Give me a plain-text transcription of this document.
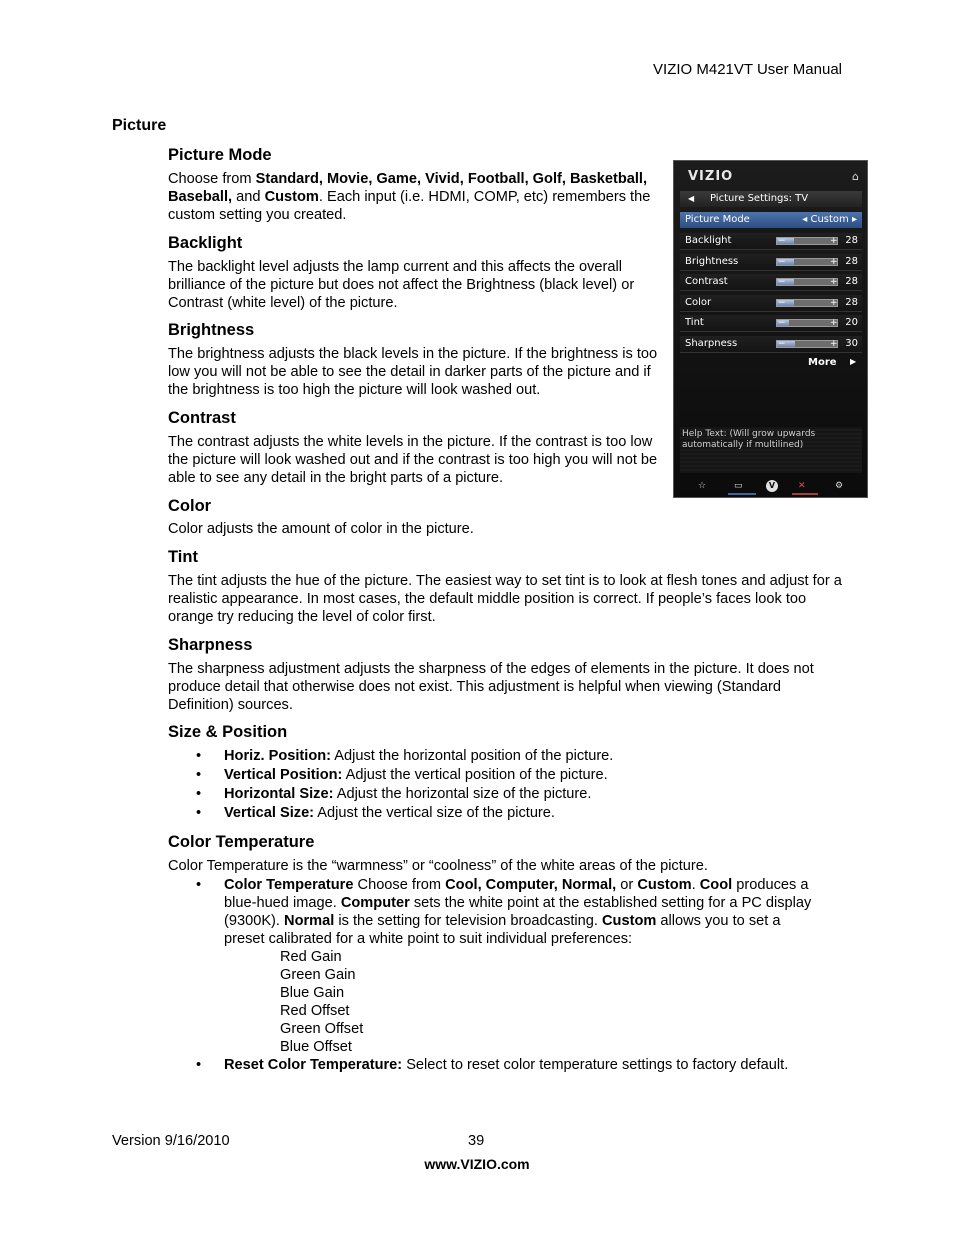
VIZIO M421VT User Manual
Picture
Picture Mode
Choose from Standard, Movie, Game, Vivid, Football, Golf, Basketball, Baseball, and Custom. Each input (i.e. HDMI, COMP, etc) remembers the custom setting you created.
Backlight
The backlight level adjusts the lamp current and this affects the overall brilliance of the picture but does not affect the Brightness (black level) or Contrast (white level) of the picture.
Brightness
The brightness adjusts the black levels in the picture. If the brightness is too low you will not be able to see the detail in darker parts of the picture and if the brightness is too high the picture will look washed out.
Contrast
The contrast adjusts the white levels in the picture. If the contrast is too low the picture will look washed out and if the contrast is too high you will not be able to see any detail in the bright parts of a picture.
Color
Color adjusts the amount of color in the picture.
Tint
The tint adjusts the hue of the picture. The easiest way to set tint is to look at flesh tones and adjust for a realistic appearance. In most cases, the default middle position is correct. If people’s faces look too orange try reducing the level of color first.
Sharpness
The sharpness adjustment adjusts the sharpness of the edges of elements in the picture. It does not produce detail that otherwise does not exist. This adjustment is helpful when viewing (Standard Definition) sources.
Size & Position
• Horiz. Position: Adjust the horizontal position of the picture.
• Vertical Position: Adjust the vertical position of the picture.
• Horizontal Size: Adjust the horizontal size of the picture.
• Vertical Size: Adjust the vertical size of the picture.
Color Temperature
Color Temperature is the “warmness” or “coolness” of the white areas of the picture.
• Color Temperature Choose from Cool, Computer, Normal, or Custom. Cool produces a blue-hued image. Computer sets the white point at the established setting for a PC display (9300K). Normal is the setting for television broadcasting. Custom allows you to set a preset calibrated for a white point to suit individual preferences:
Red Gain
Green Gain
Blue Gain
Red Offset
Green Offset
Blue Offset
• Reset Color Temperature: Select to reset color temperature settings to factory default.
VIZIO	⌂
◀ Picture Settings: TV
Picture Mode	◂ Custom ▸
Backlight	−	+ 28
Brightness	−	+ 28
Contrast	−	+ 28
Color	−	+ 28
Tint	−	+ 20
Sharpness	−	+ 30
More ▶
Help Text: (Will grow upwards automatically if multilined)
☆	▭	V	✕	⚙
Version 9/16/2010	39
www.VIZIO.com
